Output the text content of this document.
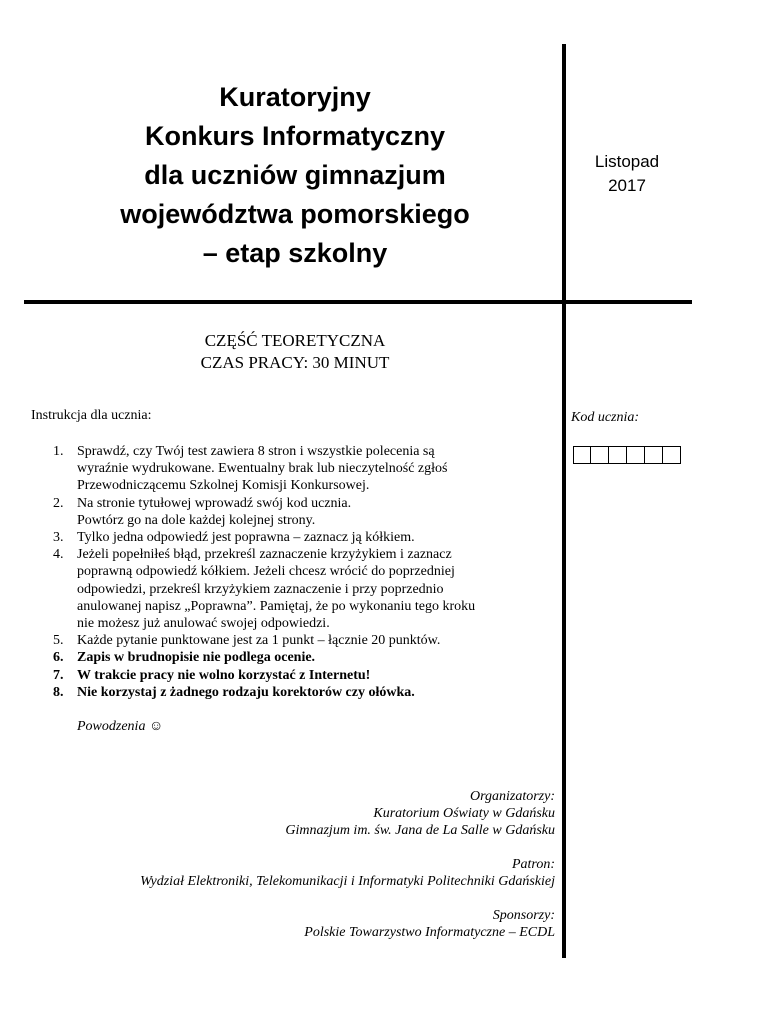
Kuratoryjny
Konkurs Informatyczny
dla uczniów gimnazjum
województwa pomorskiego
– etap szkolny
Listopad
2017
CZĘŚĆ TEORETYCZNA
CZAS PRACY: 30 MINUT
Instrukcja dla ucznia:	Kod ucznia:
1. Sprawdź, czy Twój test zawiera 8 stron i wszystkie polecenia są
wyraźnie wydrukowane. Ewentualny brak lub nieczytelność zgłoś
Przewodniczącemu Szkolnej Komisji Konkursowej.
2. Na stronie tytułowej wprowadź swój kod ucznia.
Powtórz go na dole każdej kolejnej strony.
3. Tylko jedna odpowiedź jest poprawna – zaznacz ją kółkiem.
4. Jeżeli popełniłeś błąd, przekreśl zaznaczenie krzyżykiem i zaznacz
poprawną odpowiedź kółkiem. Jeżeli chcesz wrócić do poprzedniej
odpowiedzi, przekreśl krzyżykiem zaznaczenie i przy poprzednio
anulowanej napisz „Poprawna”. Pamiętaj, że po wykonaniu tego kroku
nie możesz już anulować swojej odpowiedzi.
5. Każde pytanie punktowane jest za 1 punkt – łącznie 20 punktów.
6. Zapis w brudnopisie nie podlega ocenie.
7. W trakcie pracy nie wolno korzystać z Internetu!
8. Nie korzystaj z żadnego rodzaju korektorów czy ołówka.
Powodzenia ☺
Organizatorzy:
Kuratorium Oświaty w Gdańsku
Gimnazjum im. św. Jana de La Salle w Gdańsku
Patron:
Wydział Elektroniki, Telekomunikacji i Informatyki Politechniki Gdańskiej
Sponsorzy:
Polskie Towarzystwo Informatyczne – ECDL
